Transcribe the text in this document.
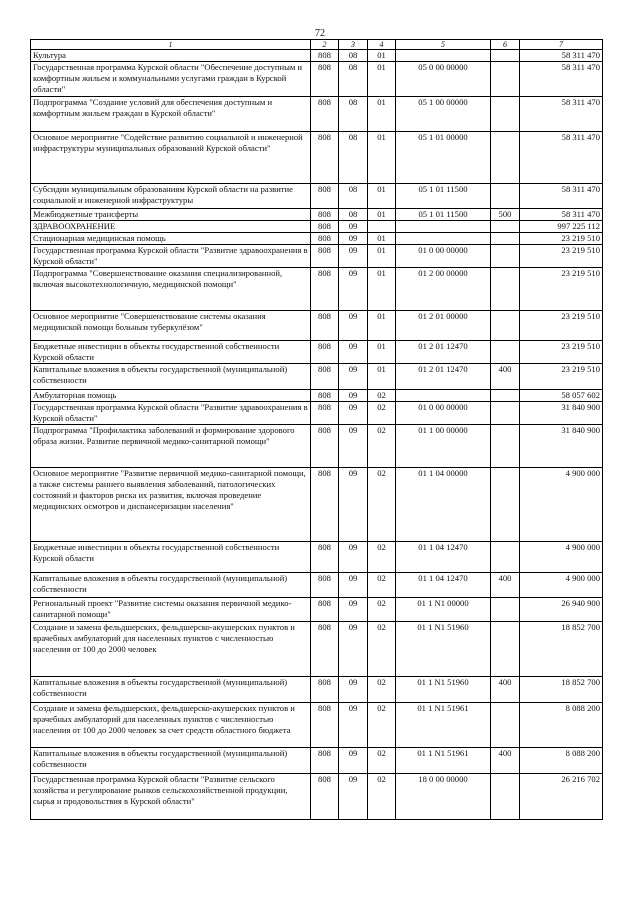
72
1	2	3	4	5	6	7
Культура	808	08	01			58 311 470
Государственная программа Курской области "Обеспечение доступным и комфортным жильем и коммунальными услугами граждан в Курской области"	808	08	01	05 0 00 00000		58 311 470
Подпрограмма "Создание условий для обеспечения доступным и комфортным жильем граждан в Курской области"	808	08	01	05 1 00 00000		58 311 470
Основное мероприятие "Содействие развитию социальной и инженерной инфраструктуры муниципальных образований Курской области"	808	08	01	05 1 01 00000		58 311 470
Субсидии муниципальным образованиям Курской области на развитие социальной и инженерной инфраструктуры	808	08	01	05 1 01 11500		58 311 470
Межбюджетные трансферты	808	08	01	05 1 01 11500	500	58 311 470
ЗДРАВООХРАНЕНИЕ	808	09				997 225 112
Стационарная медицинская помощь	808	09	01			23 219 510
Государственная программа Курской области "Развитие здравоохранения в Курской области"	808	09	01	01 0 00 00000		23 219 510
Подпрограмма "Совершенствование оказания специализированной, включая высокотехнологичную, медицинской помощи"	808	09	01	01 2 00 00000		23 219 510
Основное мероприятие "Совершенствование системы оказания медицинской помощи больным туберкулёзом"	808	09	01	01 2 01 00000		23 219 510
Бюджетные инвестиции в объекты государственной собственности Курской области	808	09	01	01 2 01 12470		23 219 510
Капитальные вложения в объекты государственной (муниципальной) собственности	808	09	01	01 2 01 12470	400	23 219 510
Амбулаторная помощь	808	09	02			58 057 602
Государственная программа Курской области "Развитие здравоохранения в Курской области"	808	09	02	01 0 00 00000		31 840 900
Подпрограмма "Профилактика заболеваний и формирование здорового образа жизни. Развитие первичной медико-санитарной помощи"	808	09	02	01 1 00 00000		31 840 900
Основное мероприятие "Развитие первичной медико-санитарной помощи, а также системы раннего выявления заболеваний, патологических состояний и факторов риска их развития, включая проведение медицинских осмотров и диспансеризации населения"	808	09	02	01 1 04 00000		4 900 000
Бюджетные инвестиции в объекты государственной собственности Курской области	808	09	02	01 1 04 12470		4 900 000
Капитальные вложения в объекты государственной (муниципальной) собственности	808	09	02	01 1 04 12470	400	4 900 000
Региональный проект "Развитие системы оказания первичной медико-санитарной помощи"	808	09	02	01 1 N1 00000		26 940 900
Создание и замена фельдшерских, фельдшерско-акушерских пунктов и врачебных амбулаторий для населенных пунктов с численностью населения от 100 до 2000 человек	808	09	02	01 1 N1 51960		18 852 700
Капитальные вложения в объекты государственной (муниципальной) собственности	808	09	02	01 1 N1 51960	400	18 852 700
Создание и замена фельдшерских, фельдшерско-акушерских пунктов и врачебных амбулаторий для населенных пунктов с численностью населения от 100 до 2000 человек за счет средств областного бюджета	808	09	02	01 1 N1 51961		8 088 200
Капитальные вложения в объекты государственной (муниципальной) собственности	808	09	02	01 1 N1 51961	400	8 088 200
Государственная программа Курской области "Развитие сельского хозяйства и регулирование рынков сельскохозяйственной продукции, сырья и продовольствия в Курской области"	808	09	02	18 0 00 00000		26 216 702
